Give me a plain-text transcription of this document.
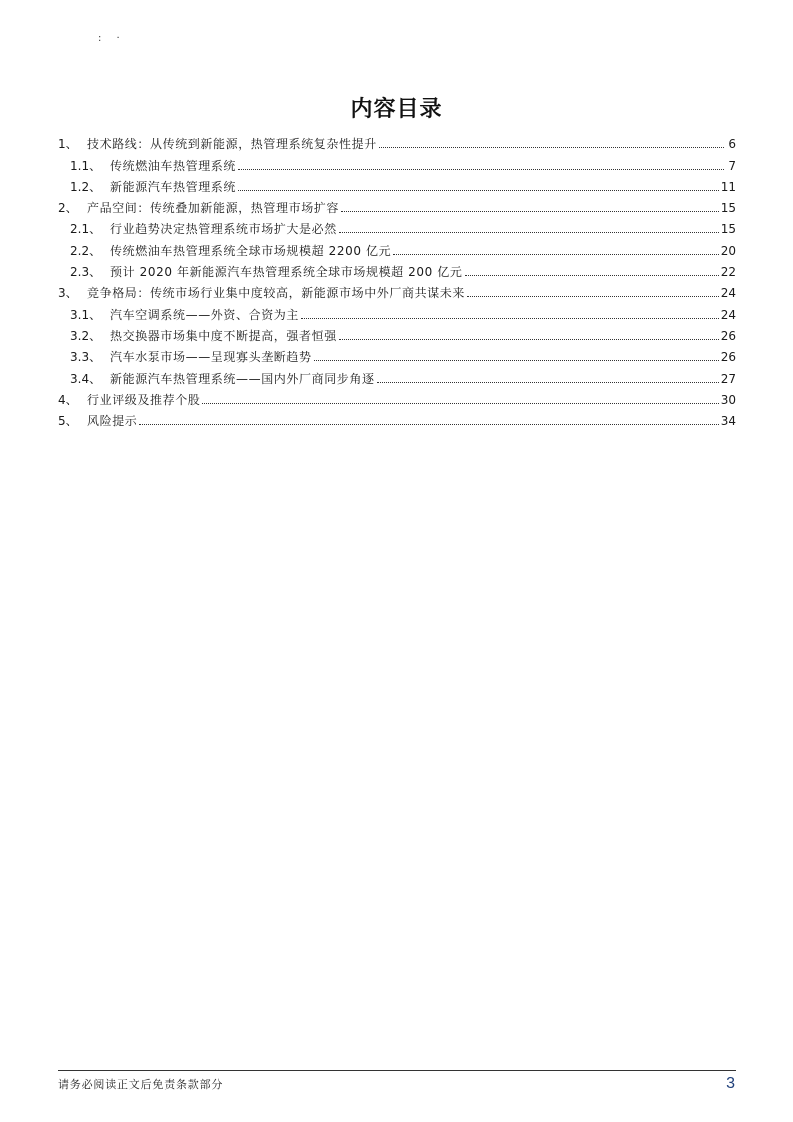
: ·
内容目录
1、 技术路线：从传统到新能源，热管理系统复杂性提升	6
1.1、 传统燃油车热管理系统	7
1.2、 新能源汽车热管理系统	11
2、 产品空间：传统叠加新能源，热管理市场扩容	15
2.1、 行业趋势决定热管理系统市场扩大是必然	15
2.2、 传统燃油车热管理系统全球市场规模超 2200 亿元	20
2.3、 预计 2020 年新能源汽车热管理系统全球市场规模超 200 亿元	22
3、 竞争格局：传统市场行业集中度较高，新能源市场中外厂商共谋未来	24
3.1、 汽车空调系统——外资、合资为主	24
3.2、 热交换器市场集中度不断提高，强者恒强	26
3.3、 汽车水泵市场——呈现寡头垄断趋势	26
3.4、 新能源汽车热管理系统——国内外厂商同步角逐	27
4、 行业评级及推荐个股	30
5、 风险提示	34
请务必阅读正文后免责条款部分	3
